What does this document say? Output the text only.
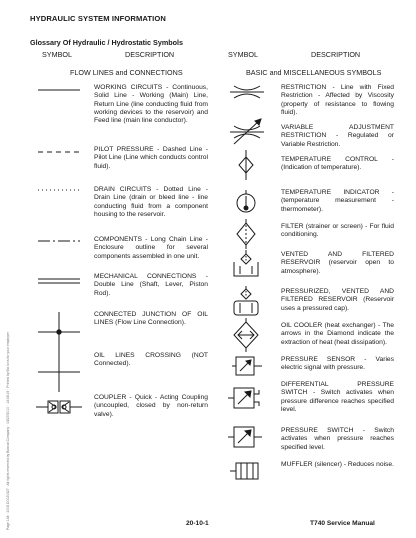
HYDRAULIC SYSTEM INFORMATION
Glossary Of Hydraulic / Hydrostatic Symbols
SYMBOL	DESCRIPTION	SYMBOL	DESCRIPTION
FLOW LINES and CONNECTIONS	BASIC and MISCELLANEOUS SYMBOLS
WORKING CIRCUITS - Continuous, Solid Line - Working (Main) Line, Return Line (line conducting fluid from working devices to the reservoir) and Feed line (main line conductor).
PILOT PRESSURE - Dashed Line - Pilot Line (Line which conducts control fluid).
DRAIN CIRCUITS - Dotted Line - Drain Line (drain or bleed line - line conducting fluid from a component housing to the reservoir.
COMPONENTS - Long Chain Line - Enclosure outline for several components assembled in one unit.
MECHANICAL CONNECTIONS - Double Line (Shaft, Lever, Piston Rod).
CONNECTED JUNCTION OF OIL LINES (Flow Line Connection).
OIL LINES CROSSING (NOT Connected).
COUPLER - Quick - Acting Coupling (uncoupled, closed by non-return valve).
RESTRICTION - Line with Fixed Restriction - Affected by Viscosity (property of resistance to flowing fluid).
VARIABLE ADJUSTMENT RESTRICTION - Regulated or Variable Restriction.
TEMPERATURE CONTROL - (Indication of temperature).
TEMPERATURE INDICATOR - (temperature measurement - thermometer).
FILTER (strainer or screen) - For fluid conditioning.
VENTED AND FILTERED RESERVOIR (reservoir open to atmosphere).
PRESSURIZED, VENTED AND FILTERED RESERVOIR (Reservoir uses a pressured cap).
OIL COOLER (heat exchanger) - The arrows in the Diamond indicate the extraction of heat (heat dissipation).
PRESSURE SENSOR - Varies electric signal with pressure.
DIFFERENTIAL PRESSURE SWITCH - Switch activates when pressure difference reaches specified level.
PRESSURE SWITCH - Switch activates when pressure reaches specified level.
MUFFLER (silencer) - Reduces noise.
Page 144 · 2008 D0020427 · All rights reserved by Bobcat Company · 04/27/2010 · 14:38:19 · Printed by Bix Ions for your employer	20-10-1	T740 Service Manual
